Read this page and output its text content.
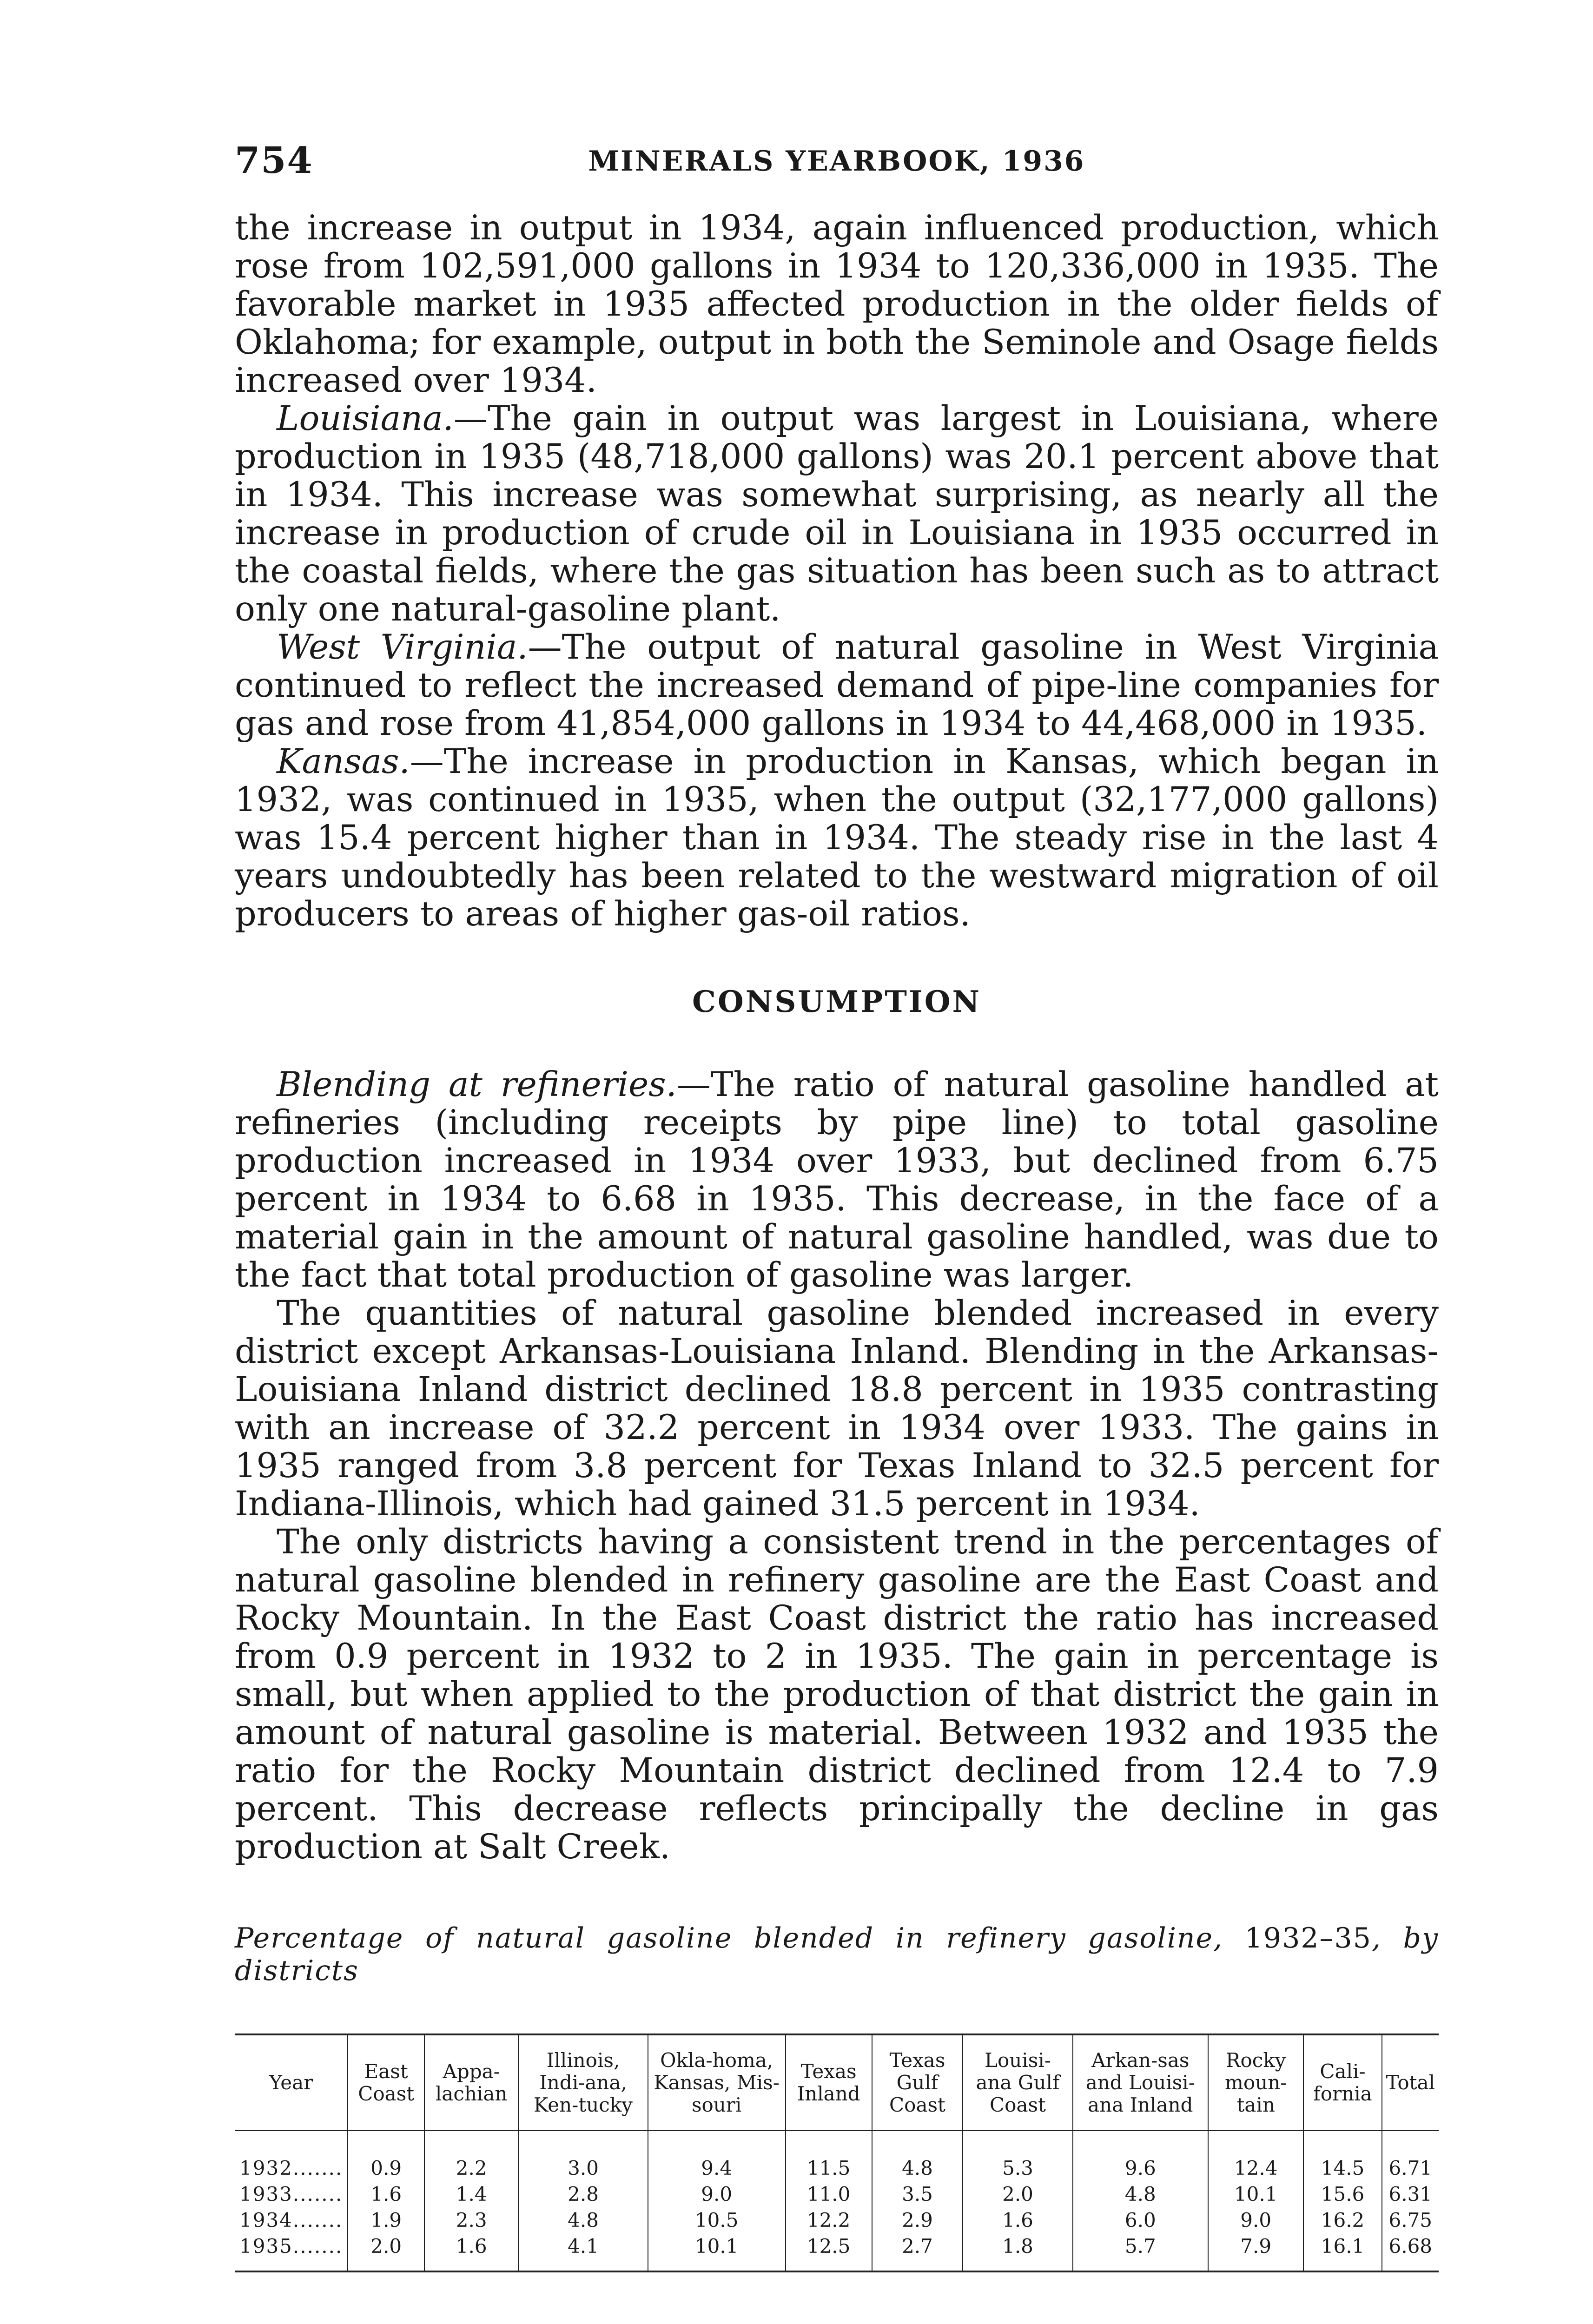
754	MINERALS YEARBOOK, 1936

the increase in output in 1934, again influenced production, which rose from 102,591,000 gallons in 1934 to 120,336,000 in 1935. The favorable market in 1935 affected production in the older fields of Oklahoma; for example, output in both the Seminole and Osage fields increased over 1934.

Louisiana.—The gain in output was largest in Louisiana, where production in 1935 (48,718,000 gallons) was 20.1 percent above that in 1934. This increase was somewhat surprising, as nearly all the increase in production of crude oil in Louisiana in 1935 occurred in the coastal fields, where the gas situation has been such as to attract only one natural-gasoline plant.

West Virginia.—The output of natural gasoline in West Virginia continued to reflect the increased demand of pipe-line companies for gas and rose from 41,854,000 gallons in 1934 to 44,468,000 in 1935.

Kansas.—The increase in production in Kansas, which began in 1932, was continued in 1935, when the output (32,177,000 gallons) was 15.4 percent higher than in 1934. The steady rise in the last 4 years undoubtedly has been related to the westward migration of oil producers to areas of higher gas-oil ratios.

CONSUMPTION

Blending at refineries.—The ratio of natural gasoline handled at refineries (including receipts by pipe line) to total gasoline production increased in 1934 over 1933, but declined from 6.75 percent in 1934 to 6.68 in 1935. This decrease, in the face of a material gain in the amount of natural gasoline handled, was due to the fact that total production of gasoline was larger.

The quantities of natural gasoline blended increased in every district except Arkansas-Louisiana Inland. Blending in the Arkansas-Louisiana Inland district declined 18.8 percent in 1935 contrasting with an increase of 32.2 percent in 1934 over 1933. The gains in 1935 ranged from 3.8 percent for Texas Inland to 32.5 percent for Indiana-Illinois, which had gained 31.5 percent in 1934.

The only districts having a consistent trend in the percentages of natural gasoline blended in refinery gasoline are the East Coast and Rocky Mountain. In the East Coast district the ratio has increased from 0.9 percent in 1932 to 2 in 1935. The gain in percentage is small, but when applied to the production of that district the gain in amount of natural gasoline is material. Between 1932 and 1935 the ratio for the Rocky Mountain district declined from 12.4 to 7.9 percent. This decrease reflects principally the decline in gas production at Salt Creek.

Percentage of natural gasoline blended in refinery gasoline, 1932–35, by districts
Year	East Coast	Appa-lachian	Illinois, Indi-ana, Ken-tucky	Okla-homa, Kansas, Mis-souri	Texas Inland	Texas Gulf Coast	Louisi-ana Gulf Coast	Arkan-sas and Louisi-ana Inland	Rocky moun-tain	Cali-fornia	Total
1932.......	0.9	2.2	3.0	9.4	11.5	4.8	5.3	9.6	12.4	14.5	6.71
1933.......	1.6	1.4	2.8	9.0	11.0	3.5	2.0	4.8	10.1	15.6	6.31
1934.......	1.9	2.3	4.8	10.5	12.2	2.9	1.6	6.0	9.0	16.2	6.75
1935.......	2.0	1.6	4.1	10.1	12.5	2.7	1.8	5.7	7.9	16.1	6.68
